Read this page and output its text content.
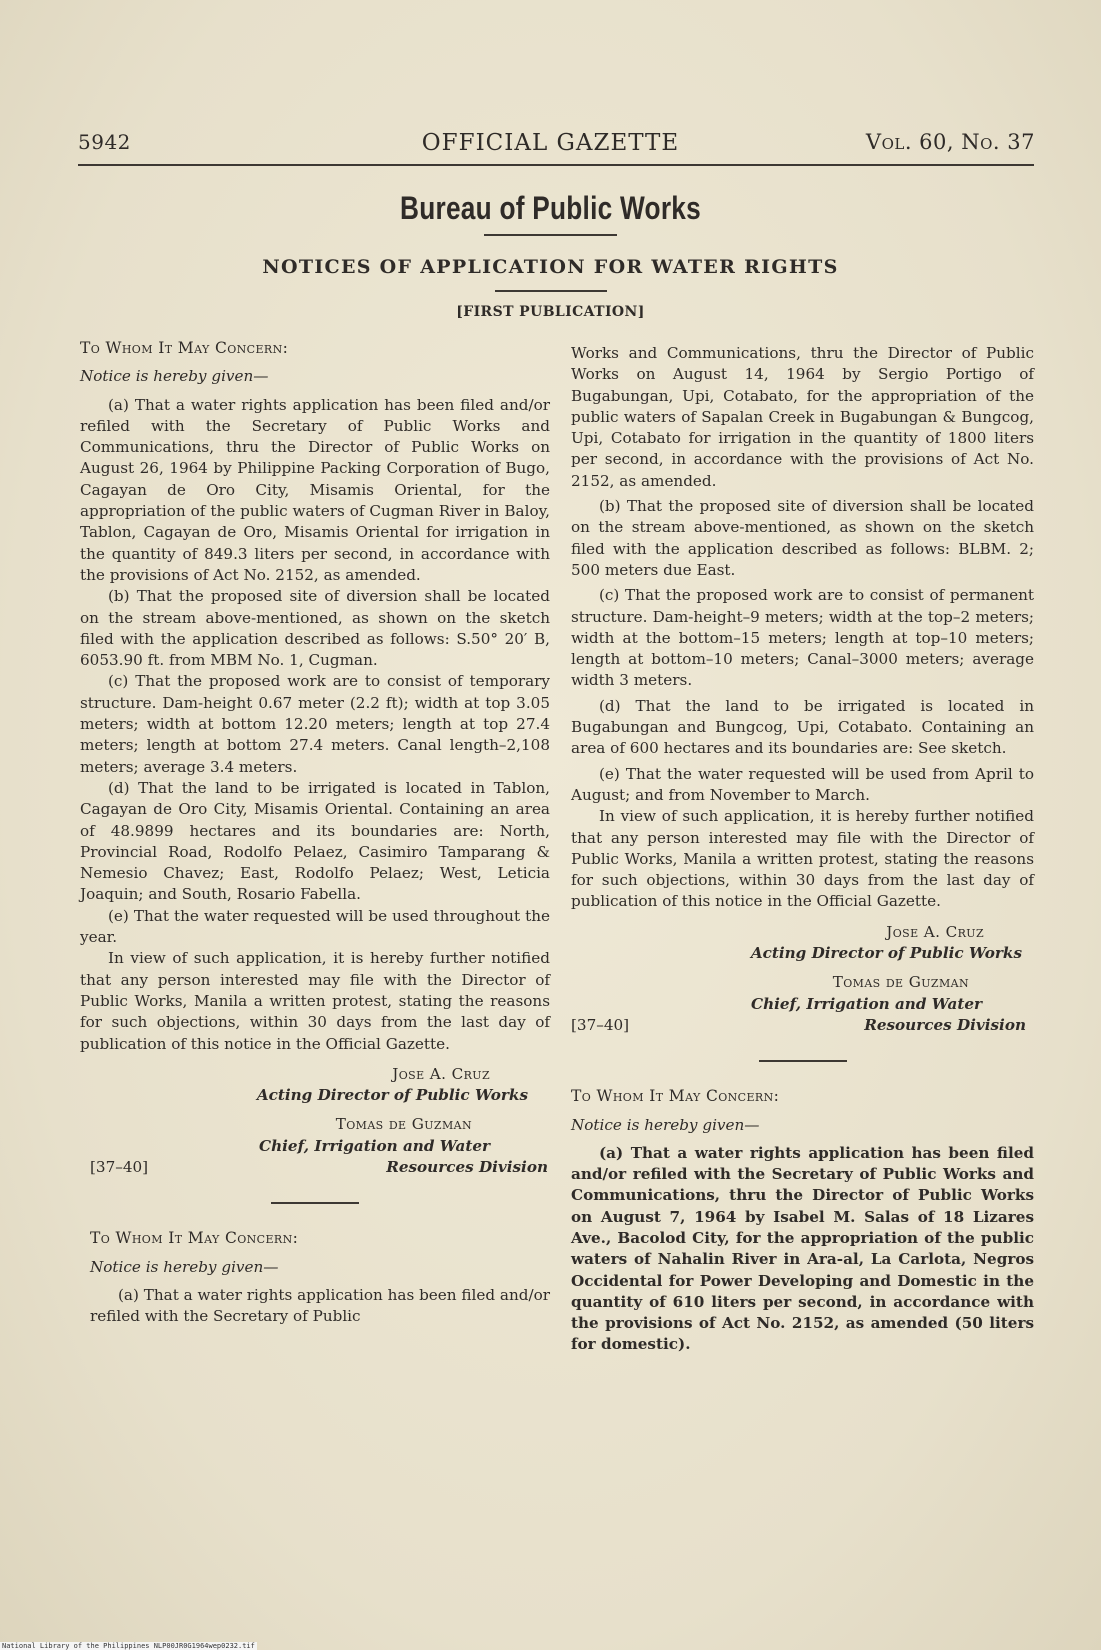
5942	OFFICIAL GAZETTE	Vol. 60, No. 37
Bureau of Public Works
NOTICES OF APPLICATION FOR WATER RIGHTS
[FIRST PUBLICATION]

To Whom It May Concern:

Notice is hereby given—

(a) That a water rights application has been filed and/or refiled with the Secretary of Public Works and Communications, thru the Director of Public Works on August 26, 1964 by Philippine Packing Corporation of Bugo, Cagayan de Oro City, Misamis Oriental, for the appropriation of the public waters of Cugman River in Baloy, Tablon, Cagayan de Oro, Misamis Oriental for irrigation in the quantity of 849.3 liters per second, in accordance with the provisions of Act No. 2152, as amended.

(b) That the proposed site of diversion shall be located on the stream above-mentioned, as shown on the sketch filed with the application described as follows: S.50° 20′ B, 6053.90 ft. from MBM No. 1, Cugman.

(c) That the proposed work are to consist of temporary structure. Dam-height 0.67 meter (2.2 ft); width at top 3.05 meters; width at bottom 12.20 meters; length at top 27.4 meters; length at bottom 27.4 meters. Canal length–2,108 meters; average 3.4 meters.

(d) That the land to be irrigated is located in Tablon, Cagayan de Oro City, Misamis Oriental. Containing an area of 48.9899 hectares and its boundaries are: North, Provincial Road, Rodolfo Pelaez, Casimiro Tamparang & Nemesio Chavez; East, Rodolfo Pelaez; West, Leticia Joaquin; and South, Rosario Fabella.

(e) That the water requested will be used throughout the year.

In view of such application, it is hereby further notified that any person interested may file with the Director of Public Works, Manila a written protest, stating the reasons for such objections, within 30 days from the last day of publication of this notice in the Official Gazette.

Jose A. Cruz
Acting Director of Public Works
Tomas de Guzman
Chief, Irrigation and Water
Resources Division
[37–40]

To Whom It May Concern:

Notice is hereby given—

(a) That a water rights application has been filed and/or refiled with the Secretary of Public

Works and Communications, thru the Director of Public Works on August 14, 1964 by Sergio Portigo of Bugabungan, Upi, Cotabato, for the appropriation of the public waters of Sapalan Creek in Bugabungan & Bungcog, Upi, Cotabato for irrigation in the quantity of 1800 liters per second, in accordance with the provisions of Act No. 2152, as amended.

(b) That the proposed site of diversion shall be located on the stream above-mentioned, as shown on the sketch filed with the application described as follows: BLBM. 2; 500 meters due East.

(c) That the proposed work are to consist of permanent structure. Dam-height–9 meters; width at the top–2 meters; width at the bottom–15 meters; length at top–10 meters; length at bottom–10 meters; Canal–3000 meters; average width 3 meters.

(d) That the land to be irrigated is located in Bugabungan and Bungcog, Upi, Cotabato. Containing an area of 600 hectares and its boundaries are: See sketch.

(e) That the water requested will be used from April to August; and from November to March.

In view of such application, it is hereby further notified that any person interested may file with the Director of Public Works, Manila a written protest, stating the reasons for such objections, within 30 days from the last day of publication of this notice in the Official Gazette.

Jose A. Cruz
Acting Director of Public Works
Tomas de Guzman
Chief, Irrigation and Water
Resources Division
[37–40]

To Whom It May Concern:

Notice is hereby given—

(a) That a water rights application has been filed and/or refiled with the Secretary of Public Works and Communications, thru the Director of Public Works on August 7, 1964 by Isabel M. Salas of 18 Lizares Ave., Bacolod City, for the appropriation of the public waters of Nahalin River in Ara-al, La Carlota, Negros Occidental for Power Developing and Domestic in the quantity of 610 liters per second, in accordance with the provisions of Act No. 2152, as amended (50 liters for domestic).

National Library of the Philippines NLP00JR0G1964wep0232.tif
